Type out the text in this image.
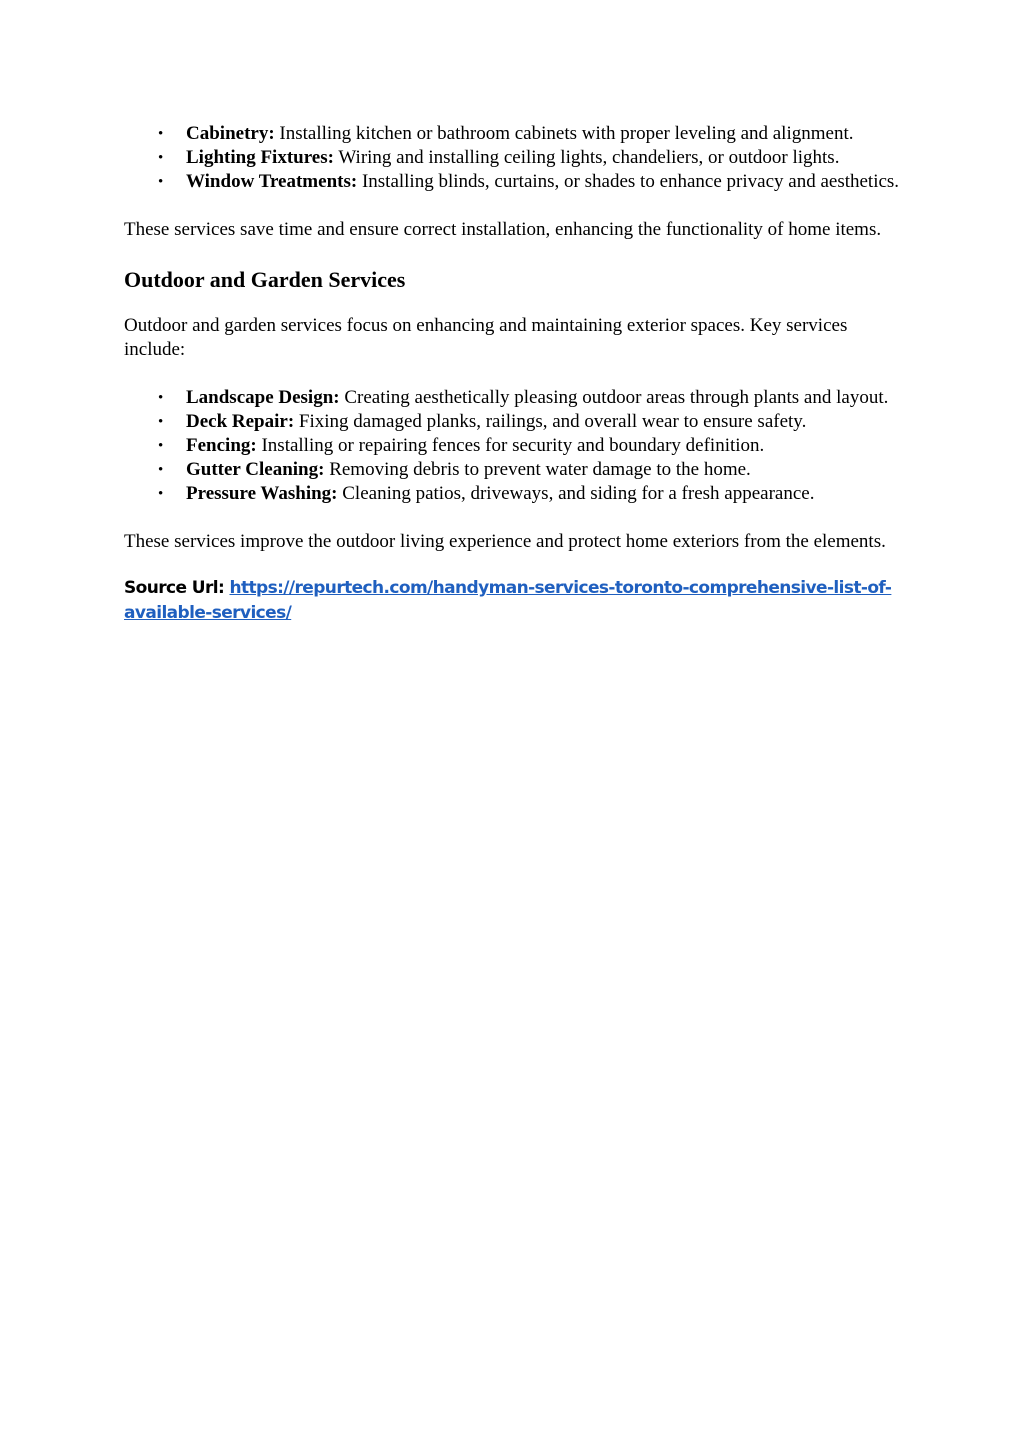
• Cabinetry: Installing kitchen or bathroom cabinets with proper leveling and alignment.
• Lighting Fixtures: Wiring and installing ceiling lights, chandeliers, or outdoor lights.
• Window Treatments: Installing blinds, curtains, or shades to enhance privacy and aesthetics.

These services save time and ensure correct installation, enhancing the functionality of home items.

Outdoor and Garden Services

Outdoor and garden services focus on enhancing and maintaining exterior spaces. Key services include:

• Landscape Design: Creating aesthetically pleasing outdoor areas through plants and layout.
• Deck Repair: Fixing damaged planks, railings, and overall wear to ensure safety.
• Fencing: Installing or repairing fences for security and boundary definition.
• Gutter Cleaning: Removing debris to prevent water damage to the home.
• Pressure Washing: Cleaning patios, driveways, and siding for a fresh appearance.

These services improve the outdoor living experience and protect home exteriors from the elements.

Source Url: https://repurtech.com/handyman-services-toronto-comprehensive-list-of-available-services/
